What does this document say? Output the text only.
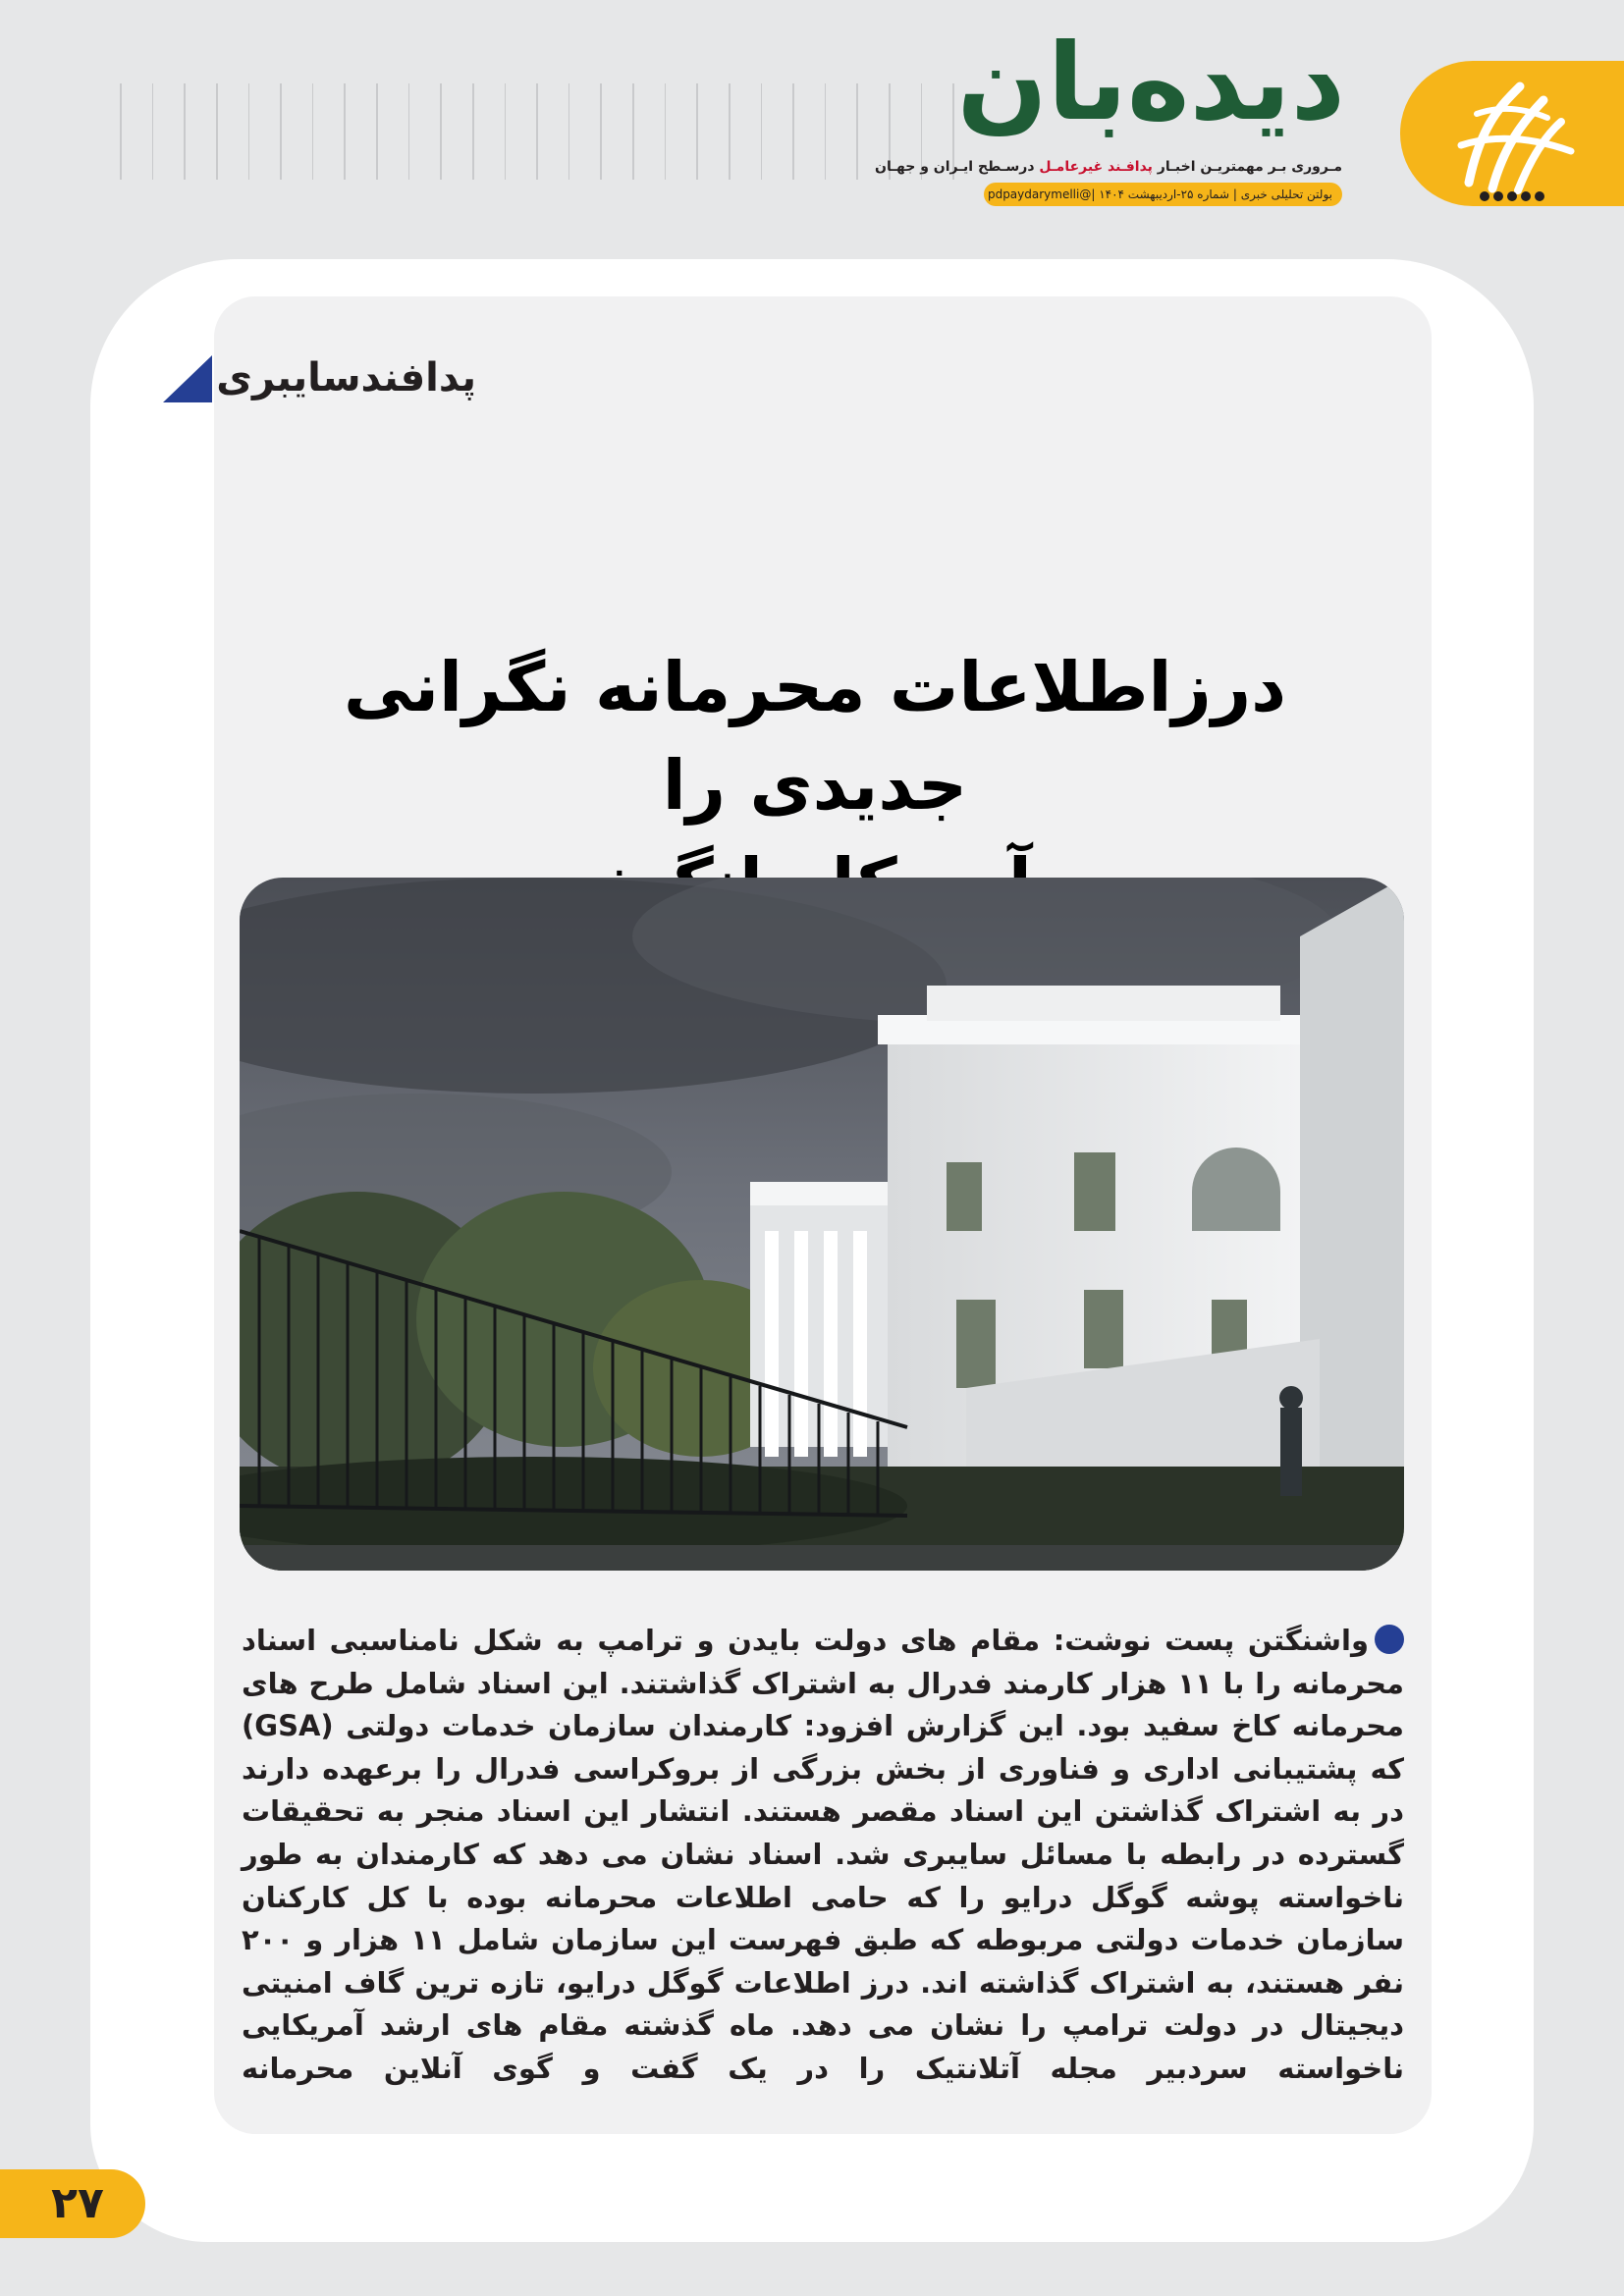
دیده‌بان
مـروری بـر مهمتریـن اخبـار پدافـند غیرعامـل درسـطح ایـران و جهـان
بولتن تحلیلی خبری | شماره ۲۵-اردیبهشت ۱۴۰۴ |
@pdpaydarymelli
پدافندسایبری
درزاطلاعات محرمانه نگرانی جدیدی را
واشنگتن پست نوشت: مقام های دولت بایدن و ترامپ به شکل نامناسبی اسناد محرمانه را با ۱۱ هزار کارمند فدرال به اشتراک گذاشتند. این اسناد شامل طرح های محرمانه کاخ سفید بود. این گزارش افزود: کارمندان سازمان خدمات دولتی (GSA) که پشتیبانی اداری و فناوری از بخش بزرگی از بروکراسی فدرال را برعهده دارند در به اشتراک گذاشتن این اسناد مقصر هستند. انتشار این اسناد منجر به تحقیقات گسترده در رابطه با مسائل سایبری شد. اسناد نشان می دهد که کارمندان به طور ناخواسته پوشه گوگل درایو را که حامی اطلاعات محرمانه بوده با کل کارکنان سازمان خدمات دولتی مربوطه که طبق فهرست این سازمان شامل ۱۱ هزار و ۲۰۰ نفر هستند، به اشتراک گذاشته اند. درز اطلاعات گوگل درایو، تازه ترین گاف امنیتی دیجیتال در دولت ترامپ را نشان می دهد. ماه گذشته مقام های ارشد آمریکایی ناخواسته سردبیر مجله آتلانتیک را در یک گفت و گوی آنلاین محرمانه
۲۷
